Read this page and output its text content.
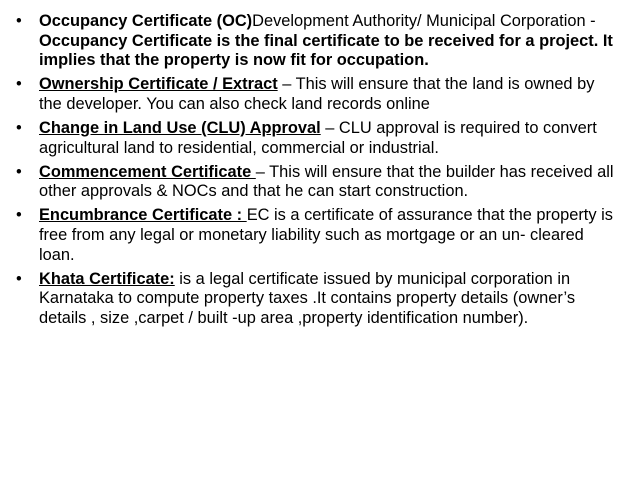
•	Occupancy Certificate (OC)Development Authority/ Municipal Corporation - Occupancy Certificate is the final certificate to be received for a project. It implies that the property is now fit for occupation.
•	Ownership Certificate / Extract – This will ensure that the land is owned by the developer. You can also check land records online
•	Change in Land Use (CLU) Approval – CLU approval is required to convert agricultural land to residential, commercial or industrial.
•	Commencement Certificate – This will ensure that the builder has received all other approvals & NOCs and that he can start construction.
•	Encumbrance Certificate : EC is a certificate of assurance that the property is free from any legal or monetary liability such as mortgage or an un- cleared loan.
•	Khata Certificate: is a legal certificate issued by municipal corporation in Karnataka to compute property taxes .It contains property details (owner’s details , size ,carpet / built -up area ,property identification number).
